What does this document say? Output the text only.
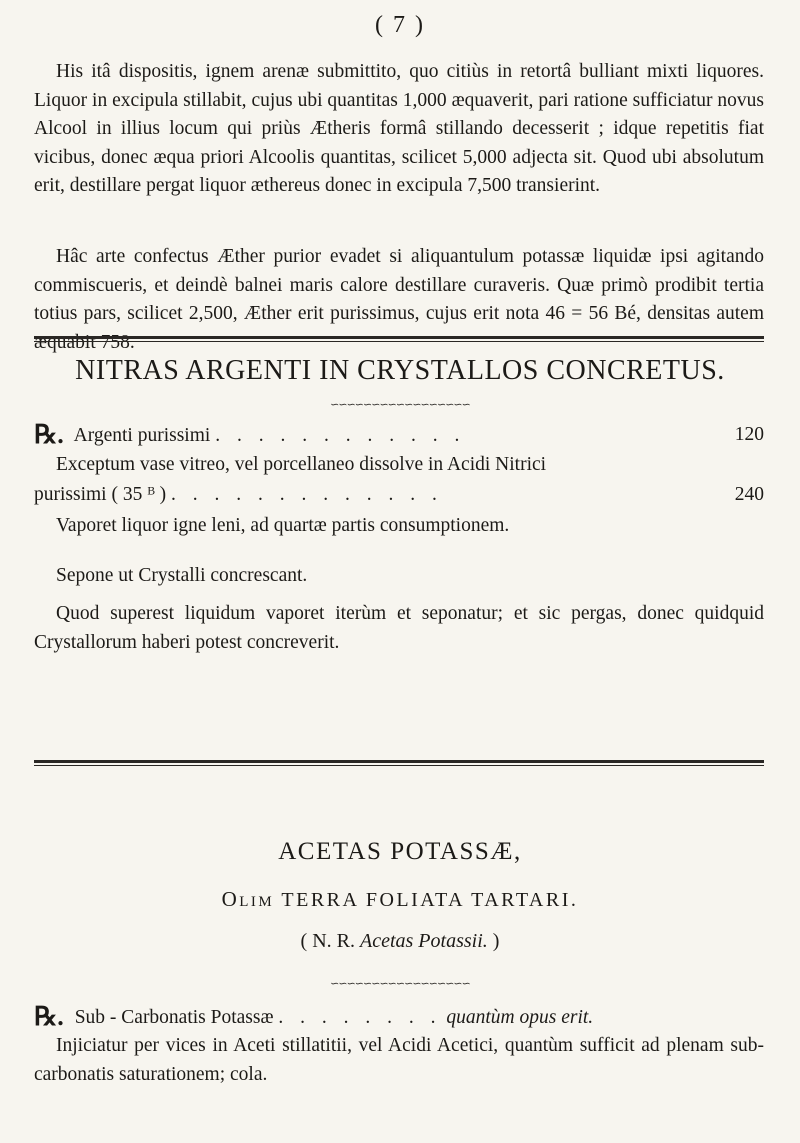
( 7 )

His itâ dispositis, ignem arenæ submittito, quo citiùs in retortâ bulliant mixti liquores. Liquor in excipula stillabit, cujus ubi quantitas 1,000 æquaverit, pari ratione sufficiatur novus Alcool in illius locum qui priùs Ætheris formâ stillando decesserit ; idque repetitis fiat vicibus, donec æqua priori Alcoolis quantitas, scilicet 5,000 adjecta sit. Quod ubi absolutum erit, destillare pergat liquor æthereus donec in excipula 7,500 transierint.

Hâc arte confectus Æther purior evadet si aliquantulum potassæ liquidæ ipsi agitando commiscueris, et deindè balnei maris calore destillare curaveris. Quæ primò prodibit tertia totius pars, scilicet 2,500, Æther erit purissimus, cujus erit nota 46 = 56 Bé, densitas autem æquabit 758.

NITRAS ARGENTI IN CRYSTALLOS CONCRETUS.
∽∽∽∽∽∽∽∽∽∽∽∽∽∽∽∽∽
℞. Argenti purissimi . . . . . . . . . . . .	120

Exceptum vase vitreo, vel porcellaneo dissolve in Acidi Nitrici

purissimi ( 35 ᴮ ) . . . . . . . . . . . . .	240

Vaporet liquor igne leni, ad quartæ partis consumptionem.

Sepone ut Crystalli concrescant.

Quod superest liquidum vaporet iterùm et seponatur; et sic pergas, donec quidquid Crystallorum haberi potest concreverit.

ACETAS POTASSÆ,
OLIM TERRA FOLIATA TARTARI.
( N. R. Acetas Potassii. )
∽∽∽∽∽∽∽∽∽∽∽∽∽∽∽∽∽
℞. Sub - Carbonatis Potassæ . . . . . . . . quantùm opus erit.

Injiciatur per vices in Aceti stillatitii, vel Acidi Acetici, quantùm sufficit ad plenam sub-carbonatis saturationem; cola.
